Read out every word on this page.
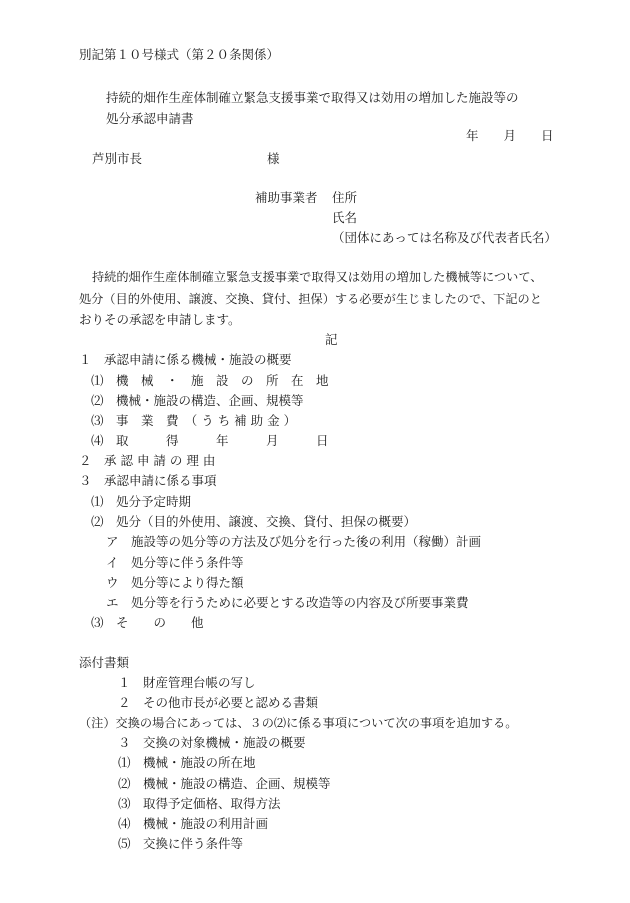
別記第１０号様式（第２０条関係）
持続的畑作生産体制確立緊急支援事業で取得又は効用の増加した施設等の
処分承認申請書
年　　月　　日
芦別市長　　　　　　　　　　様
補助事業者 住所
氏名
（団体にあっては名称及び代表者氏名）
持続的畑作生産体制確立緊急支援事業で取得又は効用の増加した機械等について、
処分（目的外使用、譲渡、交換、貸付、担保）する必要が生じましたので、下記のと
おりその承認を申請します。
記
１　承認申請に係る機械・施設の概要
⑴　機　械　・　施　設　の　所　在　地
⑵　機械・施設の構造、企画、規模等
⑶　事　業　費　（ う ち 補 助 金 ）
⑷　取　　　得　　　年　　　月　　　日
２　承 認 申 請 の 理 由
３　承認申請に係る事項
⑴　処分予定時期
⑵　処分（目的外使用、譲渡、交換、貸付、担保の概要）
ア　施設等の処分等の方法及び処分を行った後の利用（稼働）計画
イ　処分等に伴う条件等
ウ　処分等により得た額
エ　処分等を行うために必要とする改造等の内容及び所要事業費
⑶　そ　　の　　他
添付書類
１　財産管理台帳の写し
２　その他市長が必要と認める書類
（注）交換の場合にあっては、３の⑵に係る事項について次の事項を追加する。
３　交換の対象機械・施設の概要
⑴　機械・施設の所在地
⑵　機械・施設の構造、企画、規模等
⑶　取得予定価格、取得方法
⑷　機械・施設の利用計画
⑸　交換に伴う条件等
